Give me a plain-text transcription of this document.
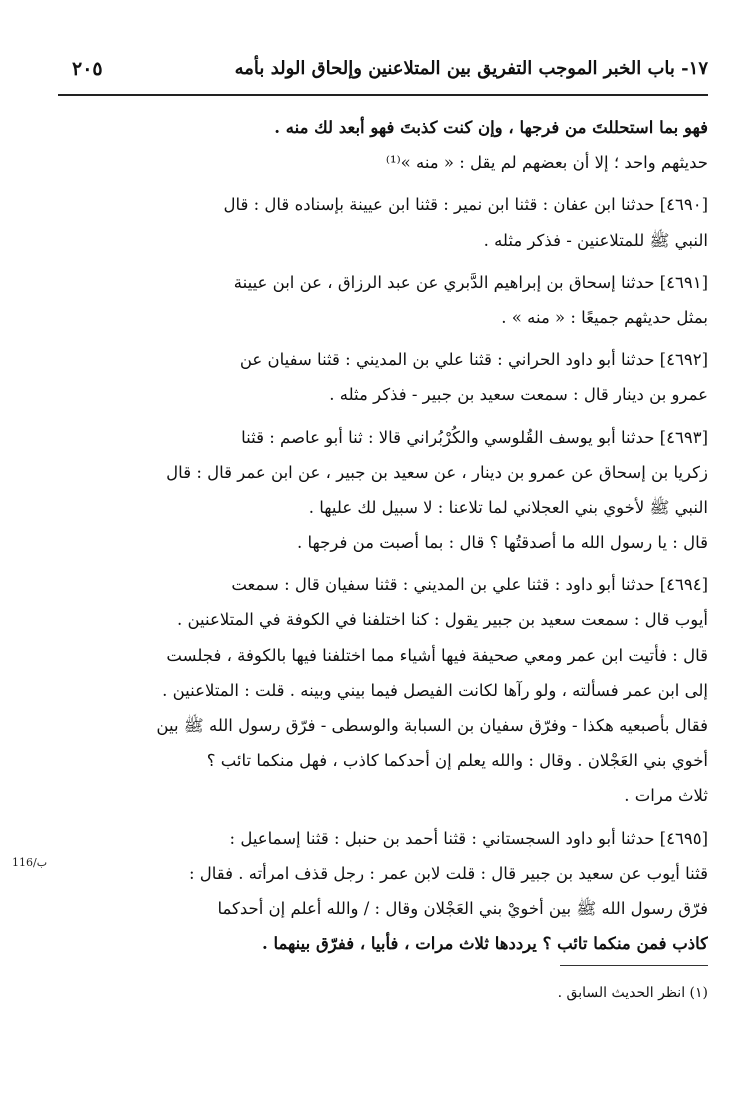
١٧- باب الخبر الموجب التفريق بين المتلاعنين وإلحاق الولد بأمه
٢٠٥
فهو بما استحللتَ من فرجها ، وإن كنت كذبتَ فهو أبعد لك منه .
حديثهم واحد ؛ إلا أن بعضهم لم يقل : « منه »⁽¹⁾
[٤٦٩٠] حدثنا ابن عفان : قثنا ابن نمير : قثنا ابن عيينة بإسناده قال : قال
النبي ﷺ للمتلاعنين - فذكر مثله .
[٤٦٩١] حدثنا إسحاق بن إبراهيم الدَّبري عن عبد الرزاق ، عن ابن عيينة
بمثل حديثهم جميعًا : « منه » .
[٤٦٩٢] حدثنا أبو داود الحراني : قثنا علي بن المديني : قثنا سفيان عن
عمرو بن دينار قال : سمعت سعيد بن جبير - فذكر مثله .
[٤٦٩٣] حدثنا أبو يوسف القُلوسي والكُرْبُراني قالا : ثنا أبو عاصم : قثنا
زكريا بن إسحاق عن عمرو بن دينار ، عن سعيد بن جبير ، عن ابن عمر قال : قال
النبي ﷺ لأخوي بني العجلاني لما تلاعنا : لا سبيل لك عليها .
قال : يا رسول الله ما أصدقتُها ؟ قال : بما أصبت من فرجها .
[٤٦٩٤] حدثنا أبو داود : قثنا علي بن المديني : قثنا سفيان قال : سمعت
أيوب قال : سمعت سعيد بن جبير يقول : كنا اختلفنا في الكوفة في المتلاعنين .
قال : فأتيت ابن عمر ومعي صحيفة فيها أشياء مما اختلفنا فيها بالكوفة ، فجلست
إلى ابن عمر فسألته ، ولو رآها لكانت الفيصل فيما بيني وبينه . قلت : المتلاعنين .
فقال بأصبعيه هكذا - وفرّق سفيان بن السبابة والوسطى - فرّق رسول الله ﷺ بين
أخوي بني العَجْلان . وقال : والله يعلم إن أحدكما كاذب ، فهل منكما تائب ؟
ثلاث مرات .
[٤٦٩٥] حدثنا أبو داود السجستاني : قثنا أحمد بن حنبل : قثنا إسماعيل :
قثنا أيوب عن سعيد بن جبير قال : قلت لابن عمر : رجل قذف امرأته . فقال :
فرّق رسول الله ﷺ بين أخويْ بني العَجْلان وقال : / والله أعلم إن أحدكما
كاذب فمن منكما تائب ؟ يرددها ثلاث مرات ، فأبيا ، ففرّق بينهما .
116/ب
(١) انظر الحديث السابق .
